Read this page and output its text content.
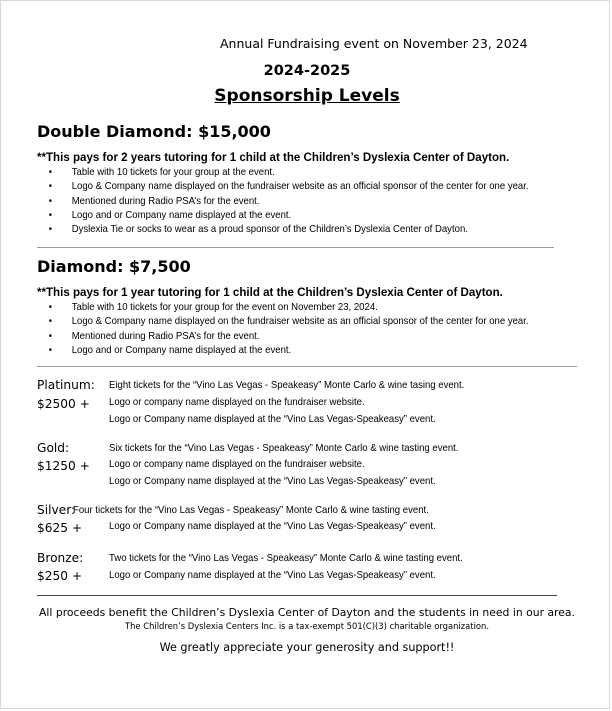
Annual Fundraising event on November 23, 2024
2024-2025
Sponsorship Levels
Double Diamond: $15,000
**This pays for 2 years tutoring for 1 child at the Children’s Dyslexia Center of Dayton.
• Table with 10 tickets for your group at the event.
• Logo & Company name displayed on the fundraiser website as an official sponsor of the center for one year.
• Mentioned during Radio PSA’s for the event.
• Logo and or Company name displayed at the event.
• Dyslexia Tie or socks to wear as a proud sponsor of the Children’s Dyslexia Center of Dayton.
Diamond: $7,500
**This pays for 1 year tutoring for 1 child at the Children’s Dyslexia Center of Dayton.
• Table with 10 tickets for your group for the event on November 23, 2024.
• Logo & Company name displayed on the fundraiser website as an official sponsor of the center for one year.
• Mentioned during Radio PSA’s for the event.
• Logo and or Company name displayed at the event.
Platinum:
$2500 +
Eight tickets for the “Vino Las Vegas - Speakeasy” Monte Carlo & wine tasing event.
Logo or company name displayed on the fundraiser website.
Logo or Company name displayed at the “Vino Las Vegas-Speakeasy” event.
Gold:
$1250 +
Six tickets for the “Vino Las Vegas - Speakeasy” Monte Carlo & wine tasting event.
Logo or company name displayed on the fundraiser website.
Logo or Company name displayed at the “Vino Las Vegas-Speakeasy” event.
Silver:
$625 +
Four tickets for the “Vino Las Vegas - Speakeasy” Monte Carlo & wine tasting event.
Logo or Company name displayed at the “Vino Las Vegas-Speakeasy” event.
Bronze:
$250 +
Two tickets for the “Vino Las Vegas - Speakeasy” Monte Carlo & wine tasting event.
Logo or Company name displayed at the “Vino Las Vegas-Speakeasy” event.
All proceeds benefit the Children’s Dyslexia Center of Dayton and the students in need in our area.
The Children’s Dyslexia Centers Inc. is a tax-exempt 501(C)(3) charitable organization.
We greatly appreciate your generosity and support!!
